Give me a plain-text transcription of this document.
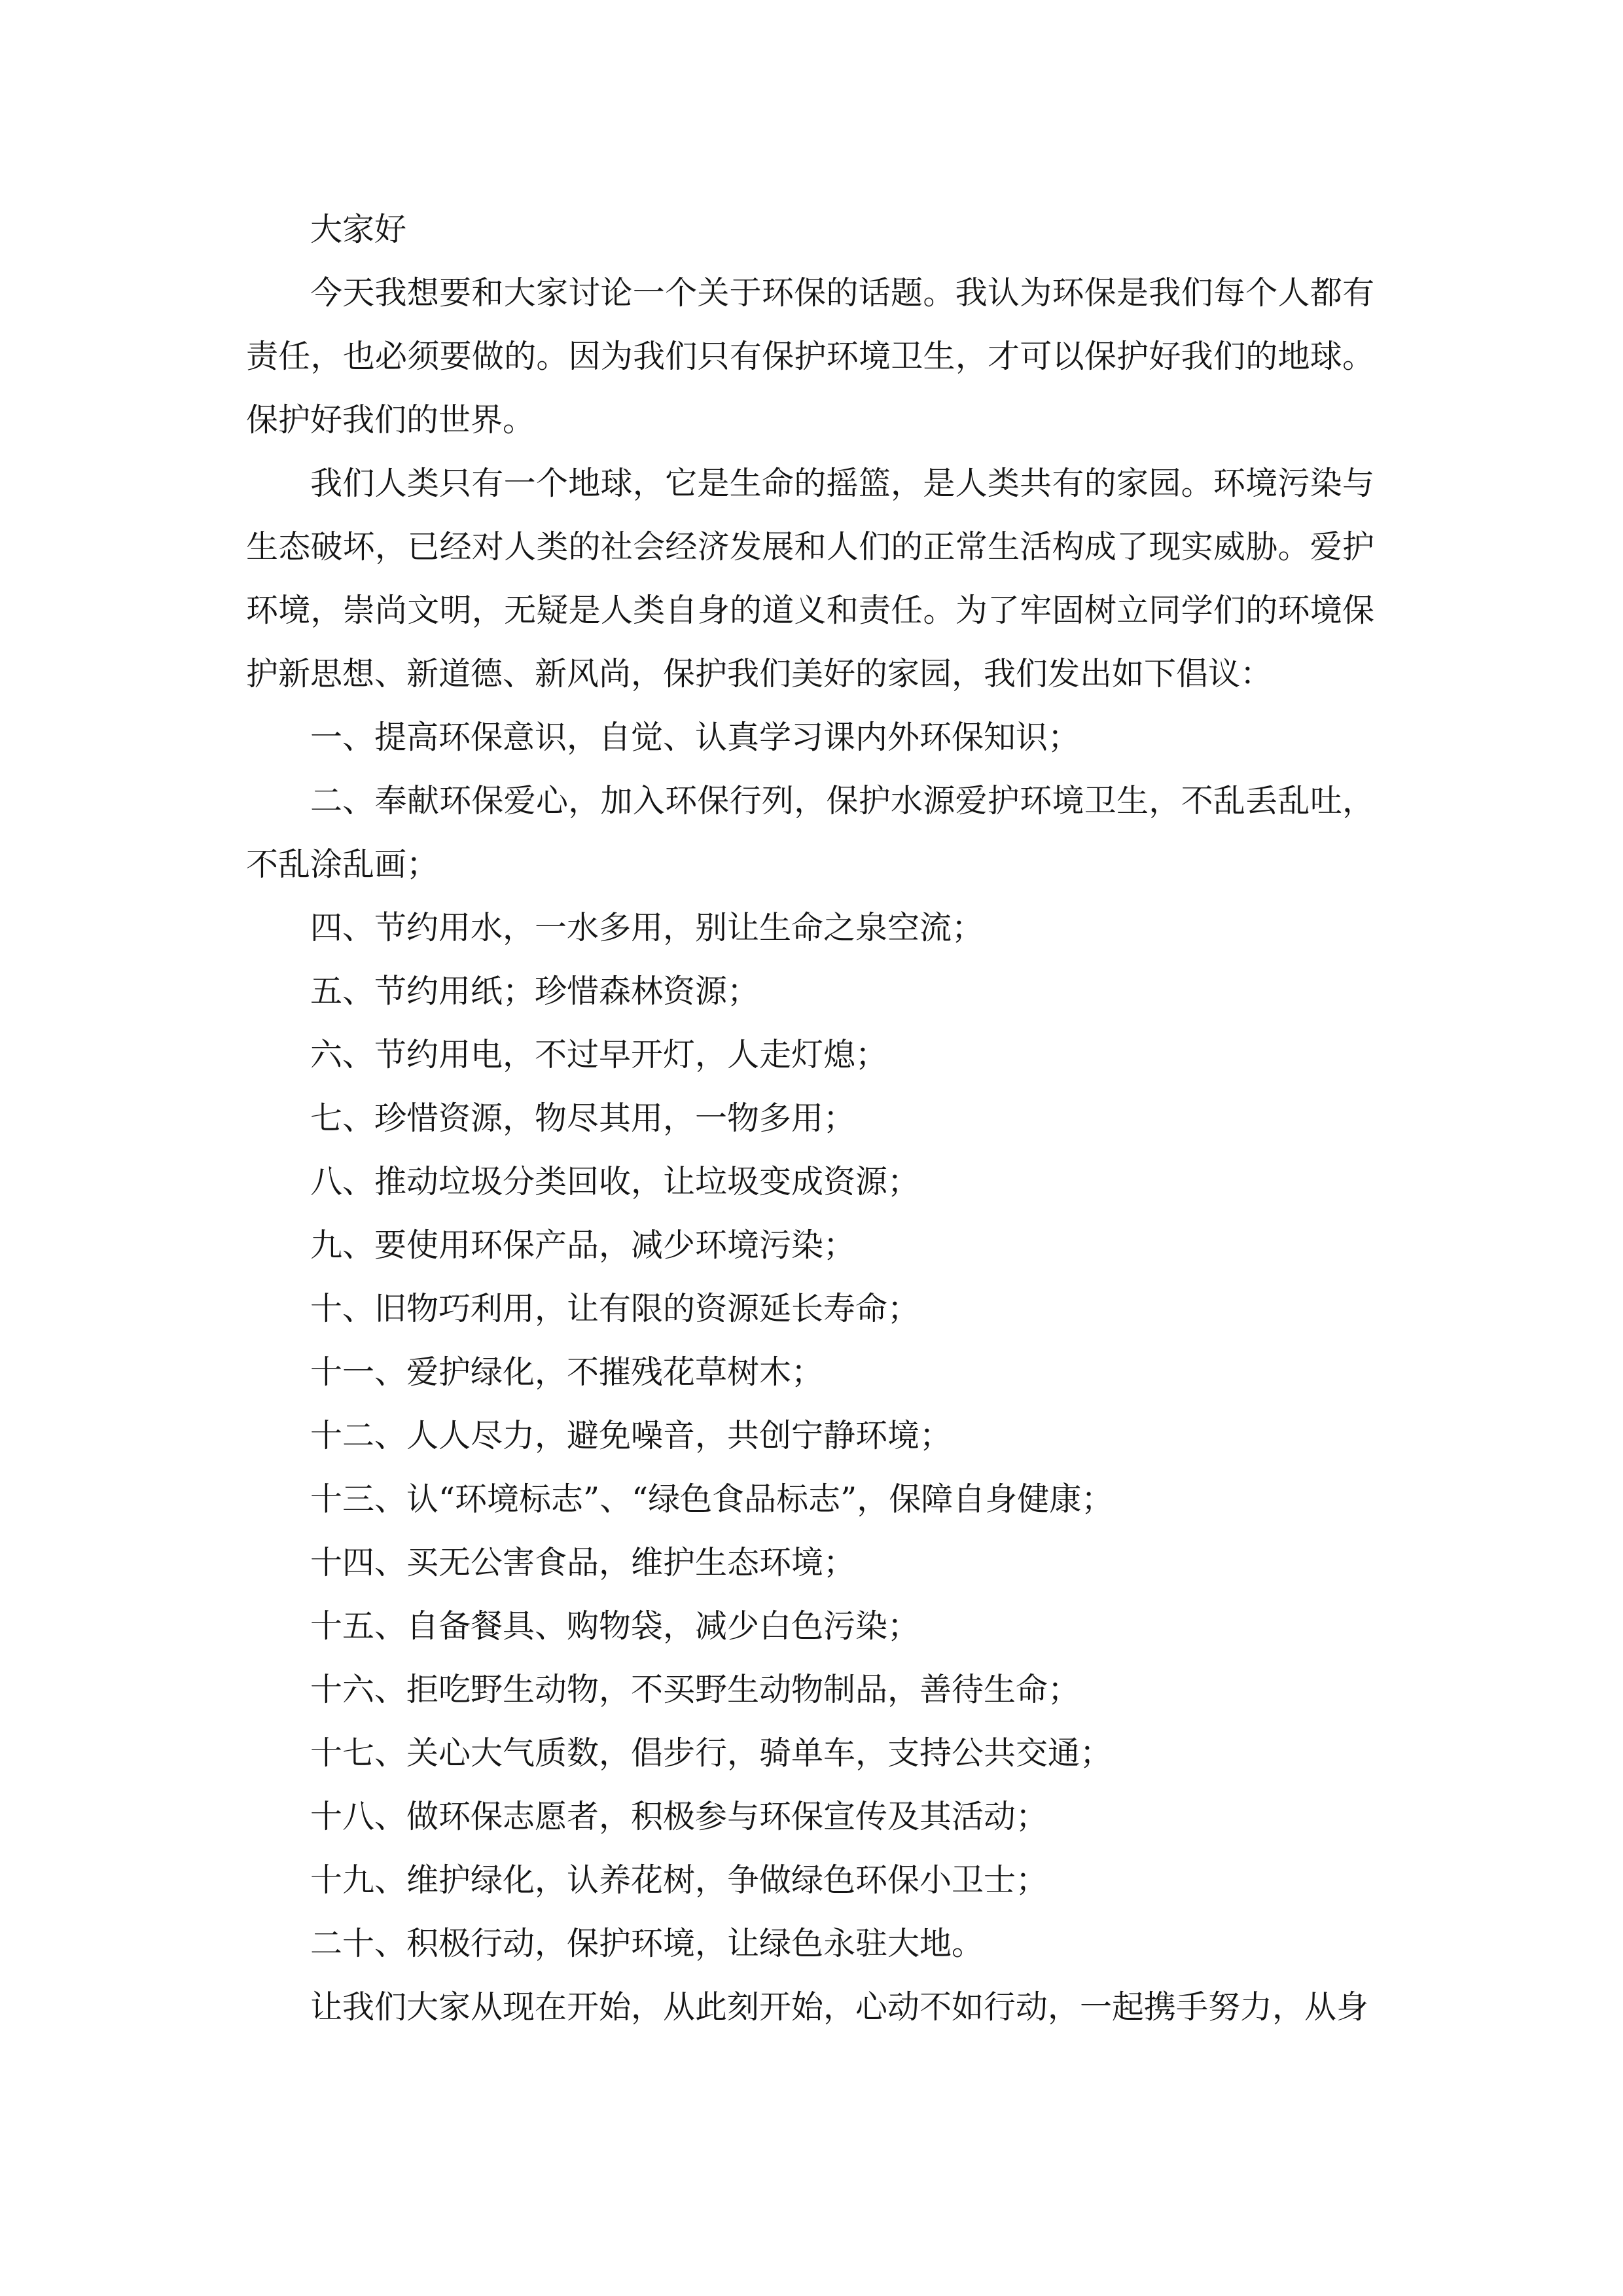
大家好

今天我想要和大家讨论一个关于环保的话题。我认为环保是我们每个人都有责任，也必须要做的。因为我们只有保护环境卫生，才可以保护好我们的地球。保护好我们的世界。

我们人类只有一个地球，它是生命的摇篮，是人类共有的家园。环境污染与生态破坏，已经对人类的社会经济发展和人们的正常生活构成了现实威胁。爱护环境，崇尚文明，无疑是人类自身的道义和责任。为了牢固树立同学们的环境保护新思想、新道德、新风尚，保护我们美好的家园，我们发出如下倡议：

一、提高环保意识，自觉、认真学习课内外环保知识；

二、奉献环保爱心，加入环保行列，保护水源爱护环境卫生，不乱丢乱吐，不乱涂乱画；

四、节约用水，一水多用，别让生命之泉空流；

五、节约用纸；珍惜森林资源；

六、节约用电，不过早开灯，人走灯熄；

七、珍惜资源，物尽其用，一物多用；

八、推动垃圾分类回收，让垃圾变成资源；

九、要使用环保产品，减少环境污染；

十、旧物巧利用，让有限的资源延长寿命；

十一、爱护绿化，不摧残花草树木；

十二、人人尽力，避免噪音，共创宁静环境；

十三、认“环境标志”、“绿色食品标志”，保障自身健康；

十四、买无公害食品，维护生态环境；

十五、自备餐具、购物袋，减少白色污染；

十六、拒吃野生动物，不买野生动物制品，善待生命；

十七、关心大气质数，倡步行，骑单车，支持公共交通；

十八、做环保志愿者，积极参与环保宣传及其活动；

十九、维护绿化，认养花树，争做绿色环保小卫士；

二十、积极行动，保护环境，让绿色永驻大地。

让我们大家从现在开始，从此刻开始，心动不如行动，一起携手努力，从身
